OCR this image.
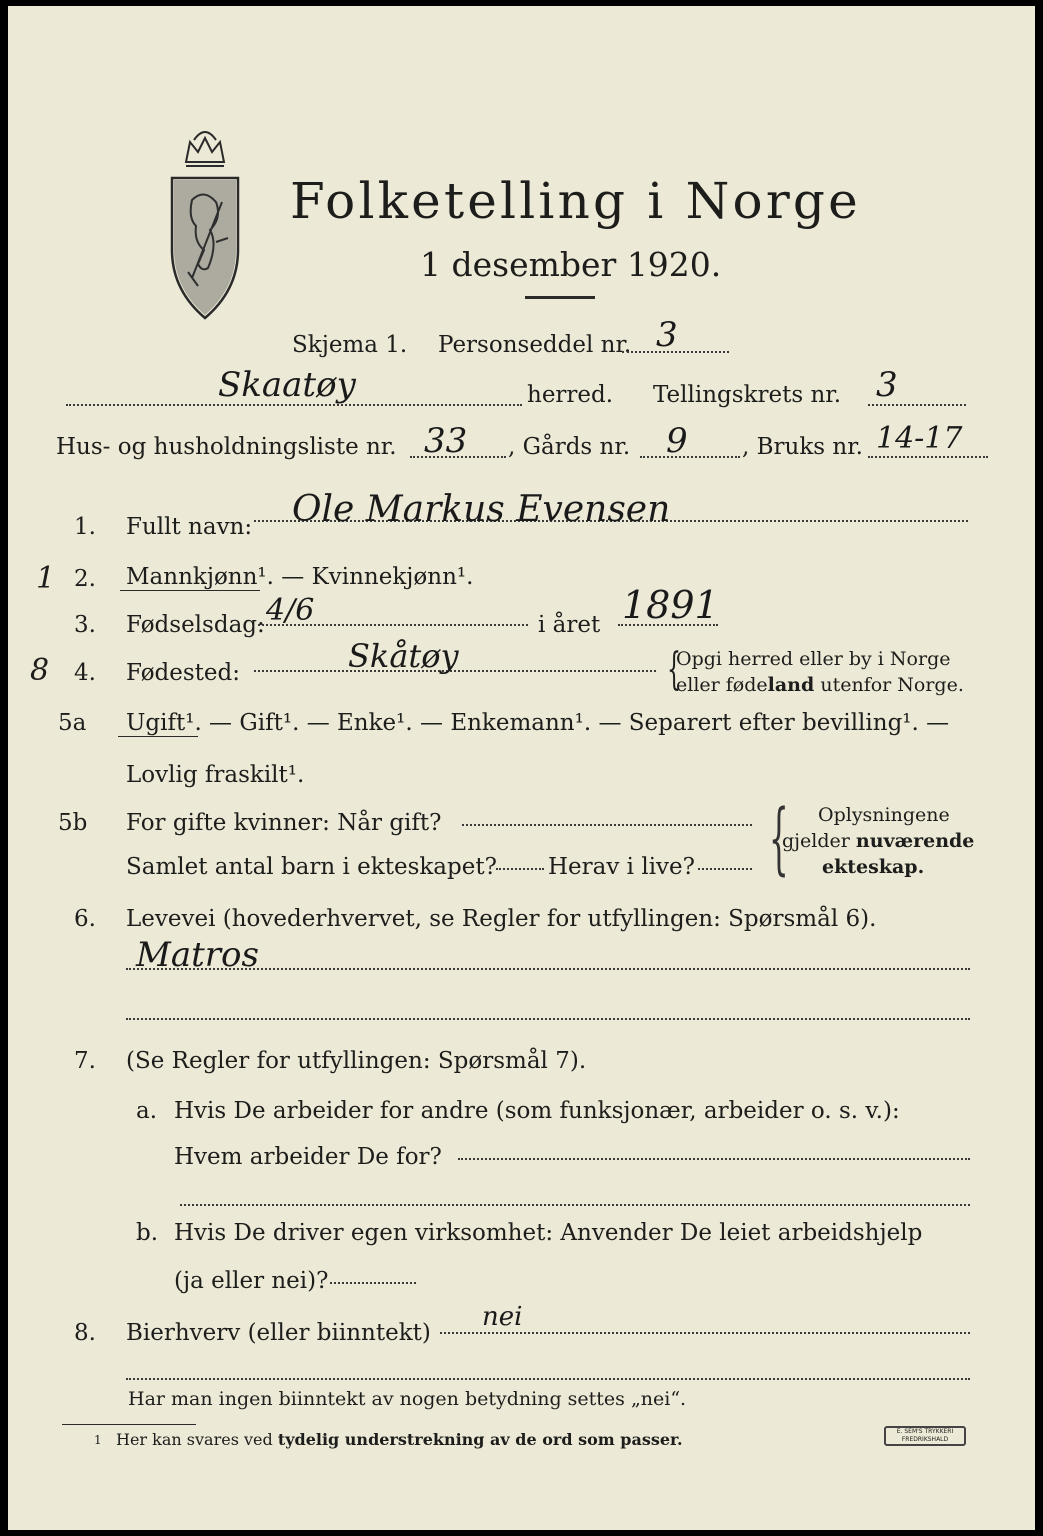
Folketelling i Norge
1 desember 1920.
Skjema 1. Personseddel nr. 3
Skaatøy	herred. Tellingskrets nr. 3
Hus- og husholdningsliste nr. 33 , Gårds nr. 9 , Bruks nr. 14-17
1. Fullt navn: Ole Markus Evensen
1 2. Mannkjønn¹. — Kvinnekjønn¹.
3. Fødselsdag: 4/6	i året 1891
8 4. Fødested:	Skåtøy	{
Opgi herred eller by i Norge
eller fødeland utenfor Norge.
5a Ugift¹. — Gift¹. — Enke¹. — Enkemann¹. — Separert efter bevilling¹. —
Lovlig fraskilt¹.
5b For gifte kvinner: Når gift?
Samlet antal barn i ekteskapet? Herav i live? { Oplysningene
gjelder nuværende
ekteskap.
6. Levevei (hovederhvervet, se Regler for utfyllingen: Spørsmål 6).
Matros
7. (Se Regler for utfyllingen: Spørsmål 7).
a. Hvis De arbeider for andre (som funksjonær, arbeider o. s. v.):
Hvem arbeider De for?
b. Hvis De driver egen virksomhet: Anvender De leiet arbeidshjelp
(ja eller nei)?
8. Bierhverv (eller biinntekt)
nei
Har man ingen biinntekt av nogen betydning settes „nei“.
1 Her kan svares ved tydelig understrekning av de ord som passer.	E. SEM'S TRYKKERI
FREDRIKSHALD
